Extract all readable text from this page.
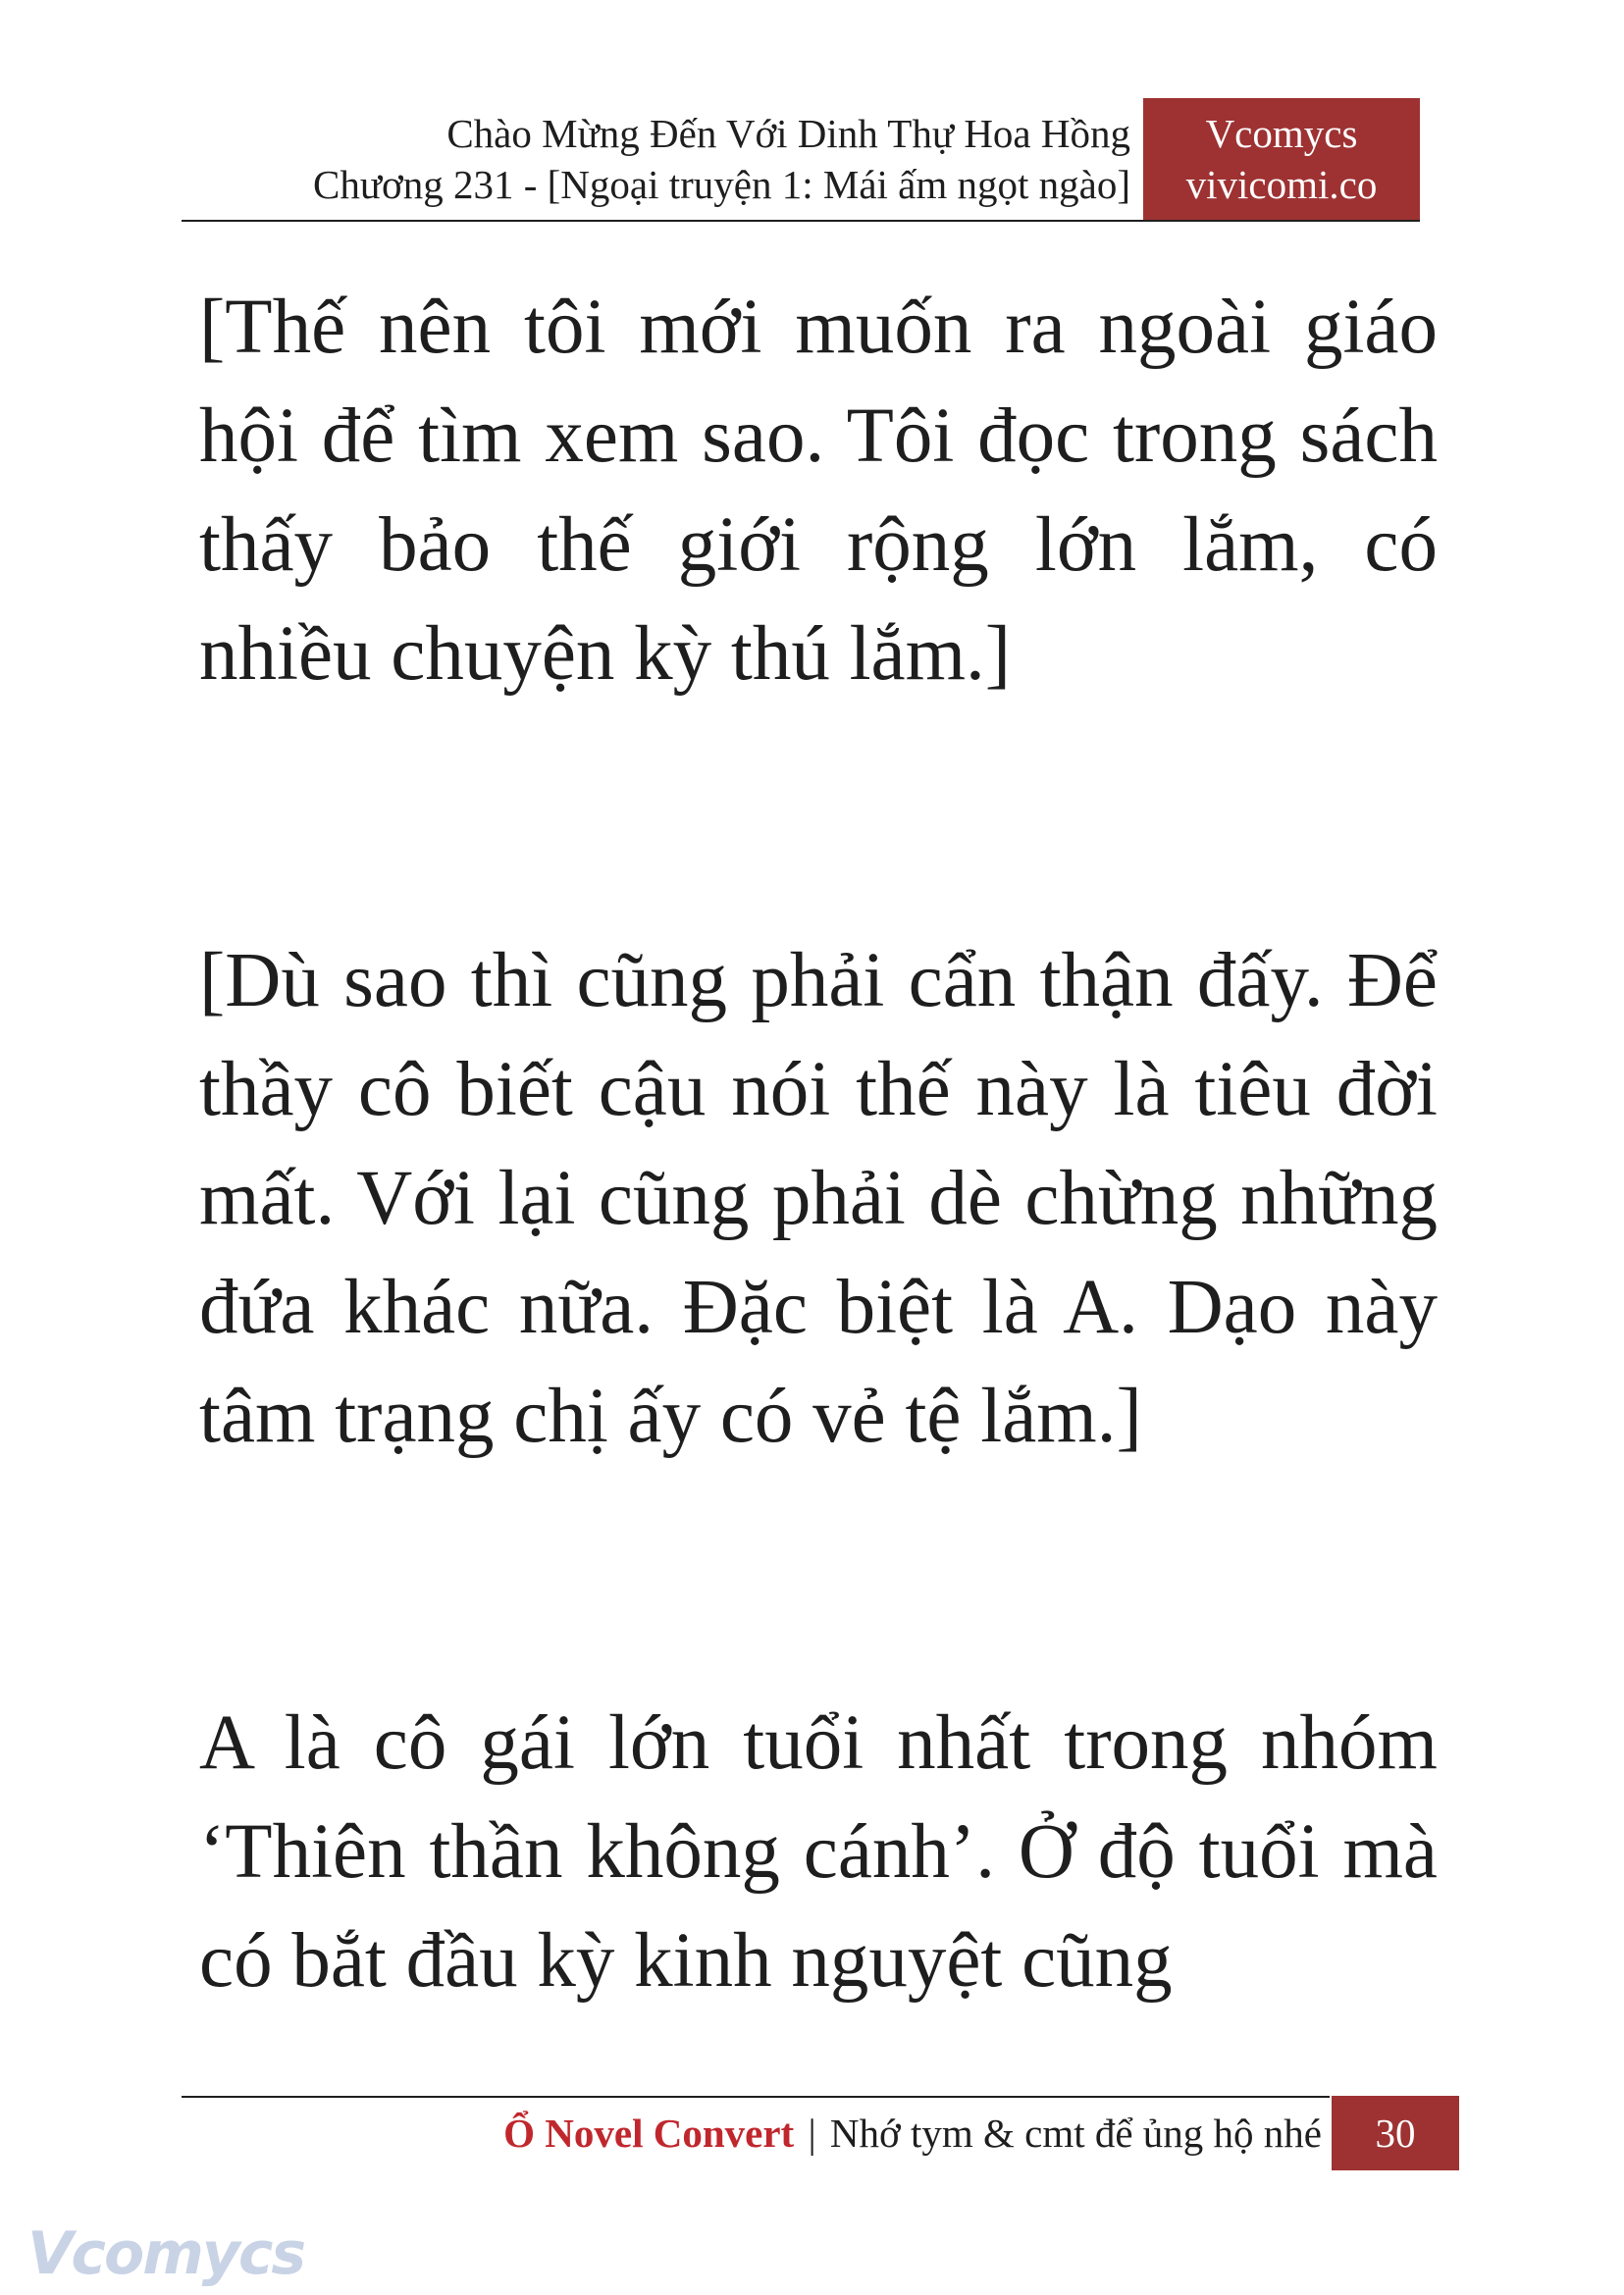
Chào Mừng Đến Với Dinh Thự Hoa Hồng
Chương 231 - [Ngoại truyện 1: Mái ấm ngọt ngào]
Vcomycs
vivicomi.co

[Thế nên tôi mới muốn ra ngoài giáo hội để tìm xem sao. Tôi đọc trong sách thấy bảo thế giới rộng lớn lắm, có nhiều chuyện kỳ thú lắm.]

[Dù sao thì cũng phải cẩn thận đấy. Để thầy cô biết cậu nói thế này là tiêu đời mất. Với lại cũng phải dè chừng những đứa khác nữa. Đặc biệt là A. Dạo này tâm trạng chị ấy có vẻ tệ lắm.]

A là cô gái lớn tuổi nhất trong nhóm ‘Thiên thần không cánh’. Ở độ tuổi mà có bắt đầu kỳ kinh nguyệt cũng

Ổ Novel Convert | Nhớ tym & cmt để ủng hộ nhé	30
Vcomycs
